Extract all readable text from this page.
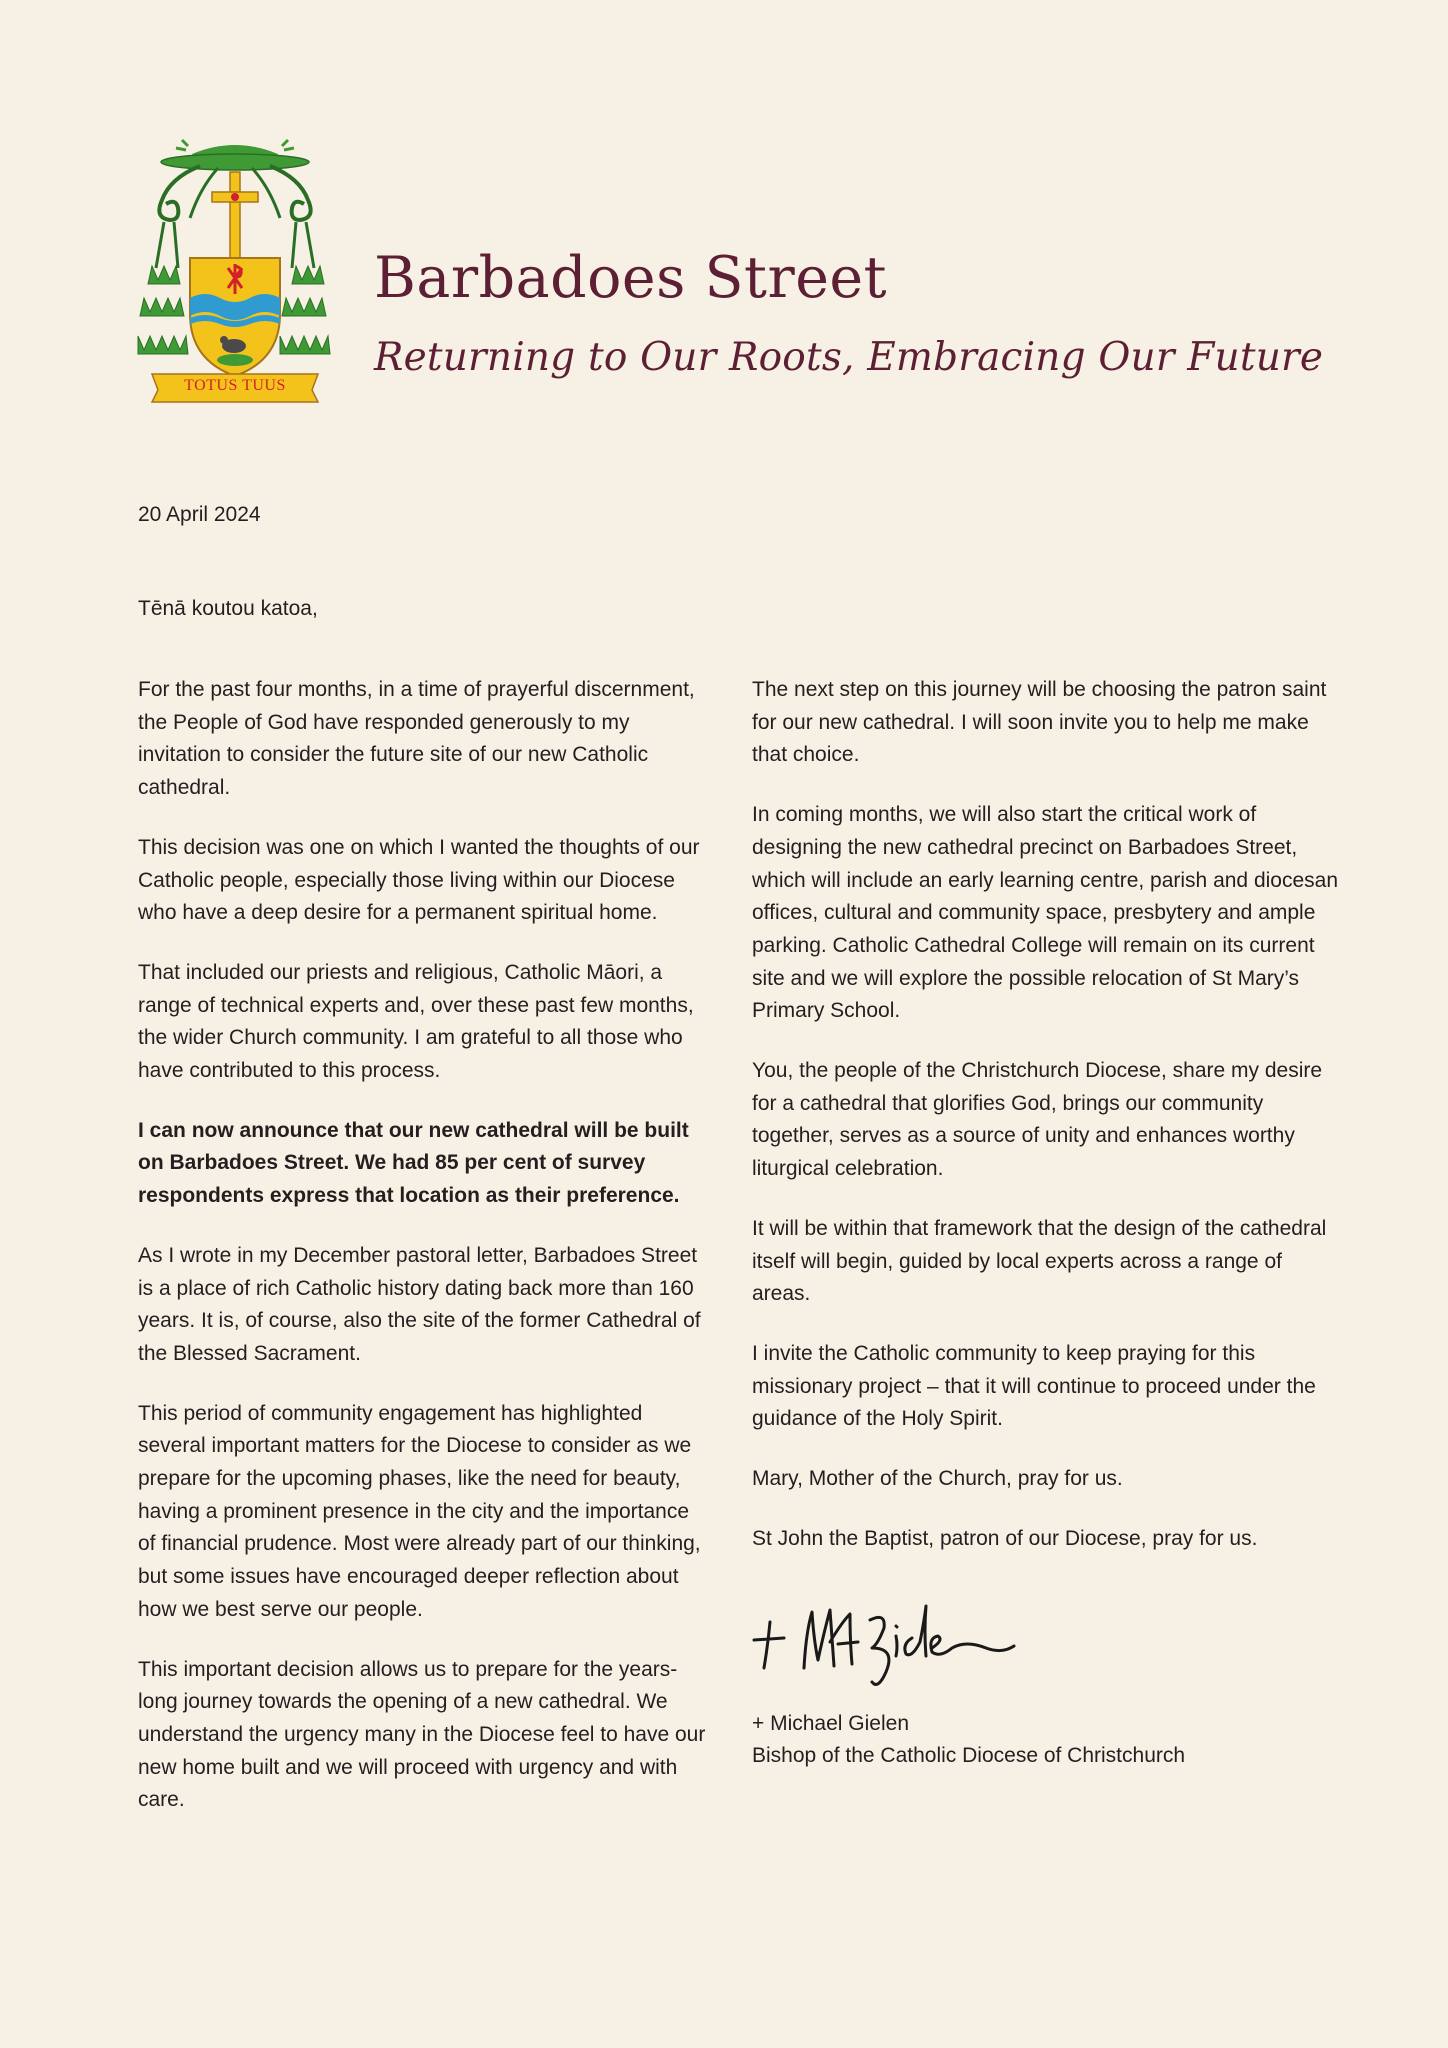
TOTUS TUUS
Barbadoes Street
Returning to Our Roots, Embracing Our Future
20 April 2024
Tēnā koutou katoa,

For the past four months, in a time of prayerful discernment, the People of God have responded generously to my invitation to consider the future site of our new Catholic cathedral.

This decision was one on which I wanted the thoughts of our Catholic people, especially those living within our Diocese who have a deep desire for a permanent spiritual home.

That included our priests and religious, Catholic Māori, a range of technical experts and, over these past few months, the wider Church community. I am grateful to all those who have contributed to this process.

I can now announce that our new cathedral will be built on Barbadoes Street. We had 85 per cent of survey respondents express that location as their preference.

As I wrote in my December pastoral letter, Barbadoes Street is a place of rich Catholic history dating back more than 160 years. It is, of course, also the site of the former Cathedral of the Blessed Sacrament.

This period of community engagement has highlighted several important matters for the Diocese to consider as we prepare for the upcoming phases, like the need for beauty, having a prominent presence in the city and the importance of financial prudence. Most were already part of our thinking, but some issues have encouraged deeper reflection about how we best serve our people.

This important decision allows us to prepare for the years-long journey towards the opening of a new cathedral. We understand the urgency many in the Diocese feel to have our new home built and we will proceed with urgency and with care.

The next step on this journey will be choosing the patron saint for our new cathedral. I will soon invite you to help me make that choice.

In coming months, we will also start the critical work of designing the new cathedral precinct on Barbadoes Street, which will include an early learning centre, parish and diocesan offices, cultural and community space, presbytery and ample parking. Catholic Cathedral College will remain on its current site and we will explore the possible relocation of St Mary’s Primary School.

You, the people of the Christchurch Diocese, share my desire for a cathedral that glorifies God, brings our community together, serves as a source of unity and enhances worthy liturgical celebration.

It will be within that framework that the design of the cathedral itself will begin, guided by local experts across a range of areas.

I invite the Catholic community to keep praying for this missionary project – that it will continue to proceed under the guidance of the Holy Spirit.

Mary, Mother of the Church, pray for us.

St John the Baptist, patron of our Diocese, pray for us.

+ Michael Gielen
Bishop of the Catholic Diocese of Christchurch
